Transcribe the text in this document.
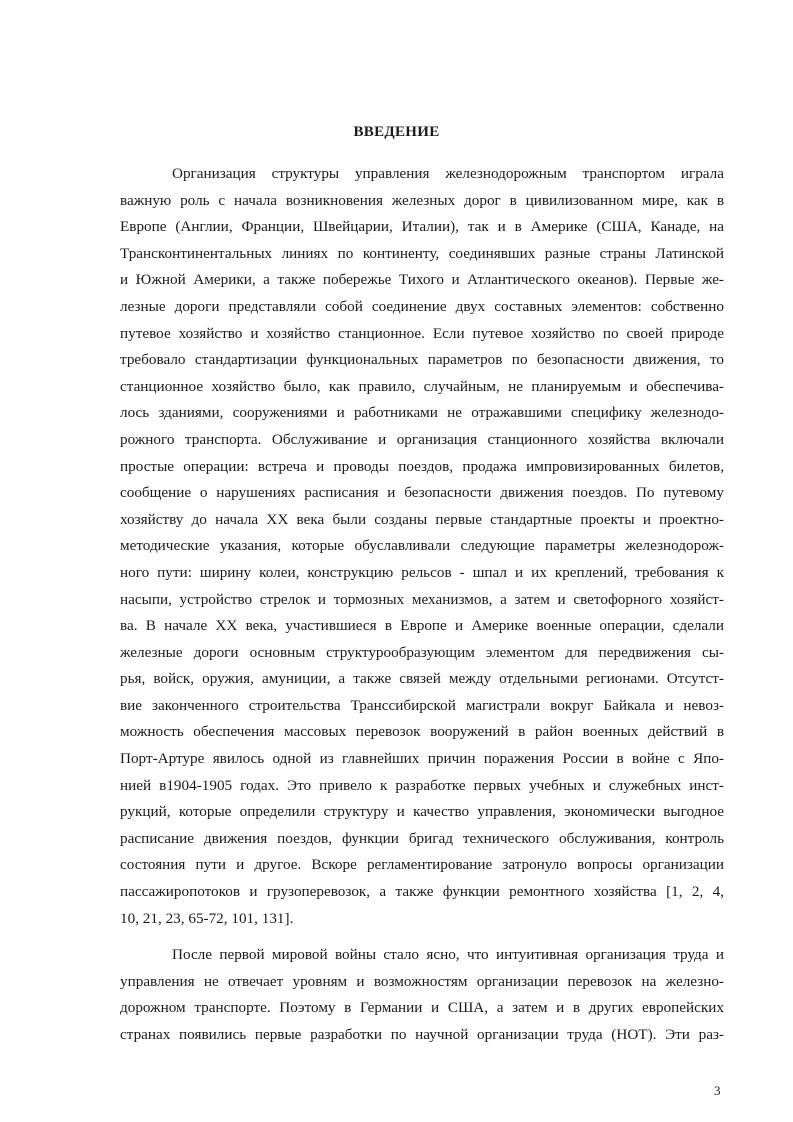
ВВЕДЕНИЕ
Организация структуры управления железнодорожным транспортом играла
важную роль с начала возникновения железных дорог в цивилизованном мире, как в
Европе (Англии, Франции, Швейцарии, Италии), так и в Америке (США, Канаде, на
Трансконтинентальных линиях по континенту, соединявших разные страны Латинской
и Южной Америки, а также побережье Тихого и Атлантического океанов). Первые же-
лезные дороги представляли собой соединение двух составных элементов: собственно
путевое хозяйство и хозяйство станционное. Если путевое хозяйство по своей природе
требовало стандартизации функциональных параметров по безопасности движения, то
станционное хозяйство было, как правило, случайным, не планируемым и обеспечива-
лось зданиями, сооружениями и работниками не отражавшими специфику железнодо-
рожного транспорта. Обслуживание и организация станционного хозяйства включали
простые операции: встреча и проводы поездов, продажа импровизированных билетов,
сообщение о нарушениях расписания и безопасности движения поездов. По путевому
хозяйству до начала XX века были созданы первые стандартные проекты и проектно-
методические указания, которые обуславливали следующие параметры железнодорож-
ного пути: ширину колеи, конструкцию рельсов - шпал и их креплений, требования к
насыпи, устройство стрелок и тормозных механизмов, а затем и светофорного хозяйст-
ва. В начале XX века, участившиеся в Европе и Америке военные операции, сделали
железные дороги основным структурообразующим элементом для передвижения сы-
рья, войск, оружия, амуниции, а также связей между отдельными регионами. Отсутст-
вие законченного строительства Транссибирской магистрали вокруг Байкала и невоз-
можность обеспечения массовых перевозок вооружений в район военных действий в
Порт-Артуре явилось одной из главнейших причин поражения России в войне с Япо-
нией в1904-1905 годах. Это привело к разработке первых учебных и служебных инст-
рукций, которые определили структуру и качество управления, экономически выгодное
расписание движения поездов, функции бригад технического обслуживания, контроль
состояния пути и другое. Вскоре регламентирование затронуло вопросы организации
пассажиропотоков и грузоперевозок, а также функции ремонтного хозяйства [1, 2, 4,
10, 21, 23, 65-72, 101, 131].
После первой мировой войны стало ясно, что интуитивная организация труда и
управления не отвечает уровням и возможностям организации перевозок на железно-
дорожном транспорте. Поэтому в Германии и США, а затем и в других европейских
странах появились первые разработки по научной организации труда (НОТ). Эти раз-
3
